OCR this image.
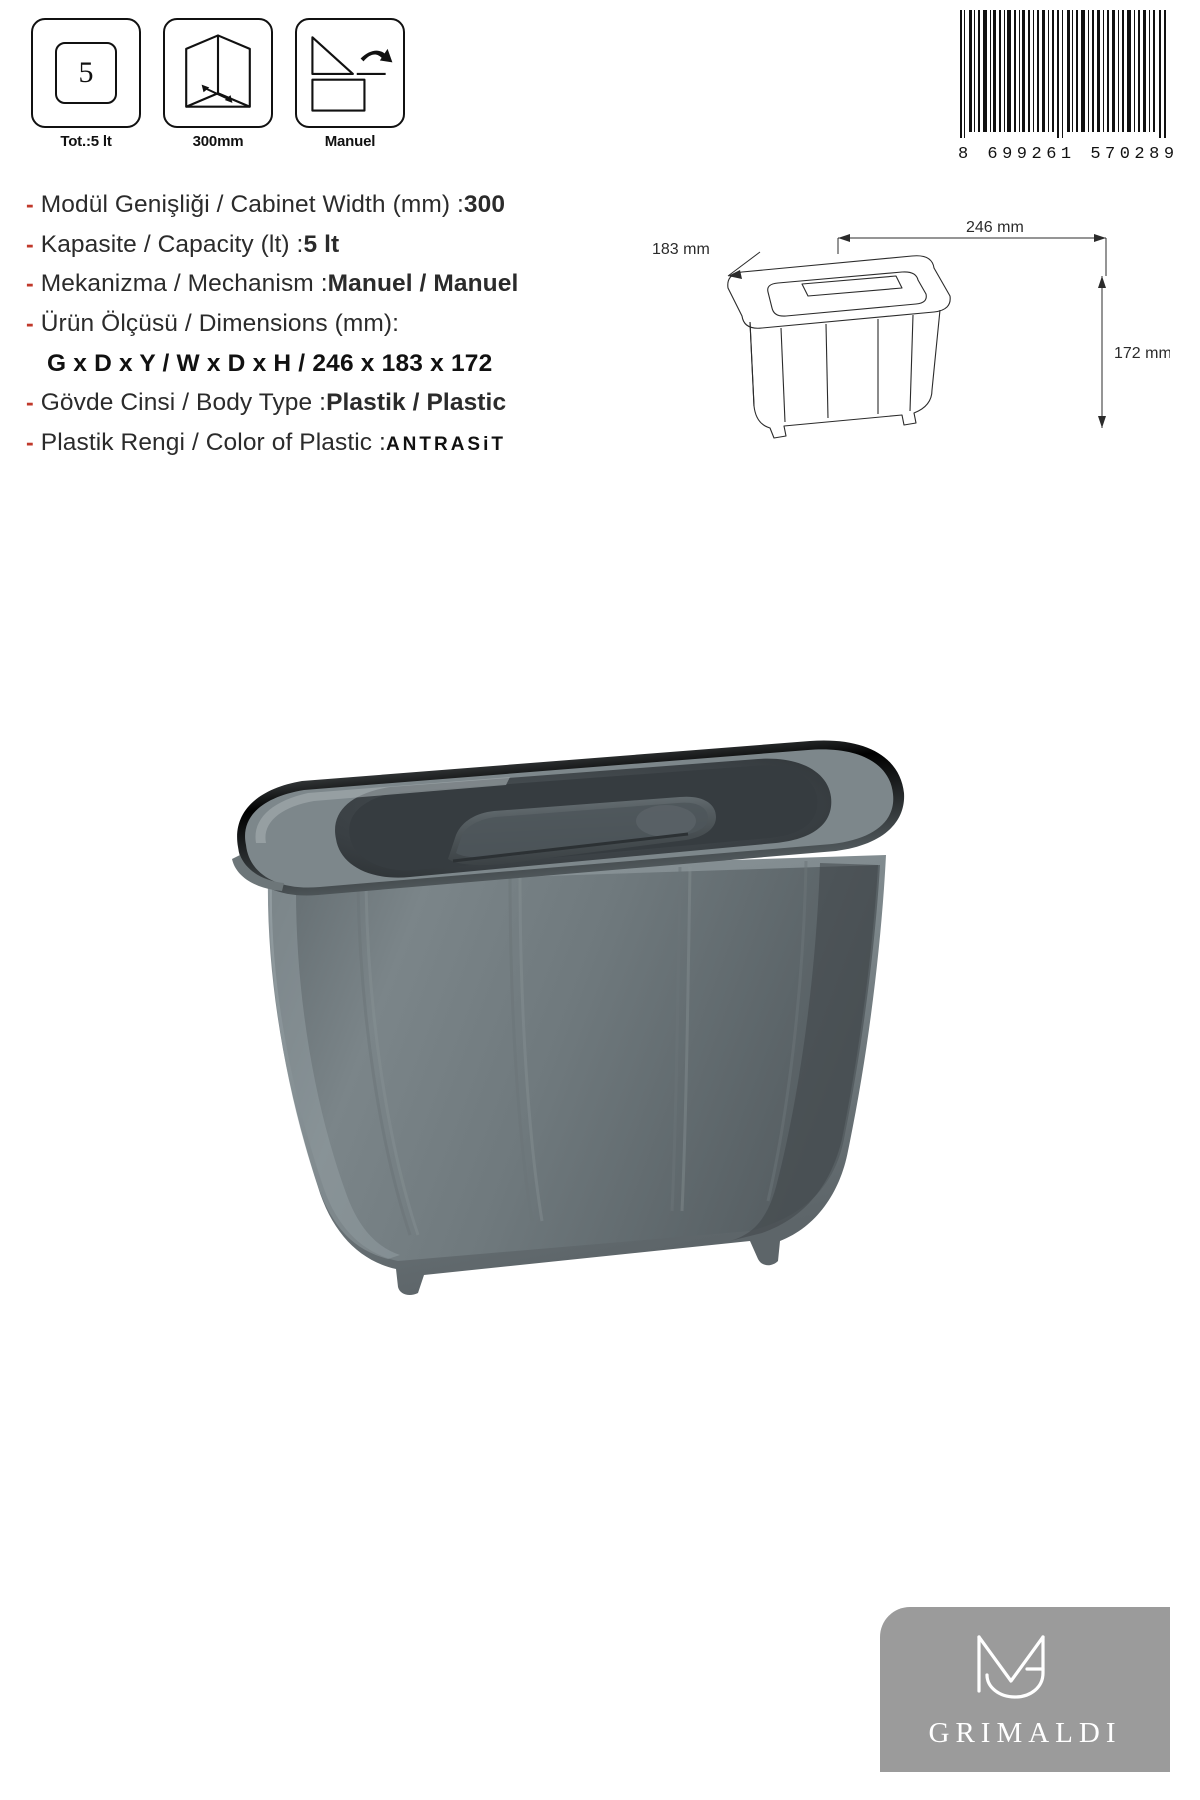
5
Tot.:5 lt	300mm	Manuel
8 699261 570289
- Modül Genişliği / Cabinet Width (mm) : 300
- Kapasite / Capacity (lt) : 5 lt
- Mekanizma / Mechanism : Manuel / Manuel
- Ürün Ölçüsü / Dimensions (mm):
G x D x Y / W x D x H / 246 x 183 x 172
- Gövde Cinsi / Body Type : Plastik / Plastic
- Plastik Rengi / Color of Plastic : ANTRASiT
246 mm
183 mm
172 mm
GRIMALDI
